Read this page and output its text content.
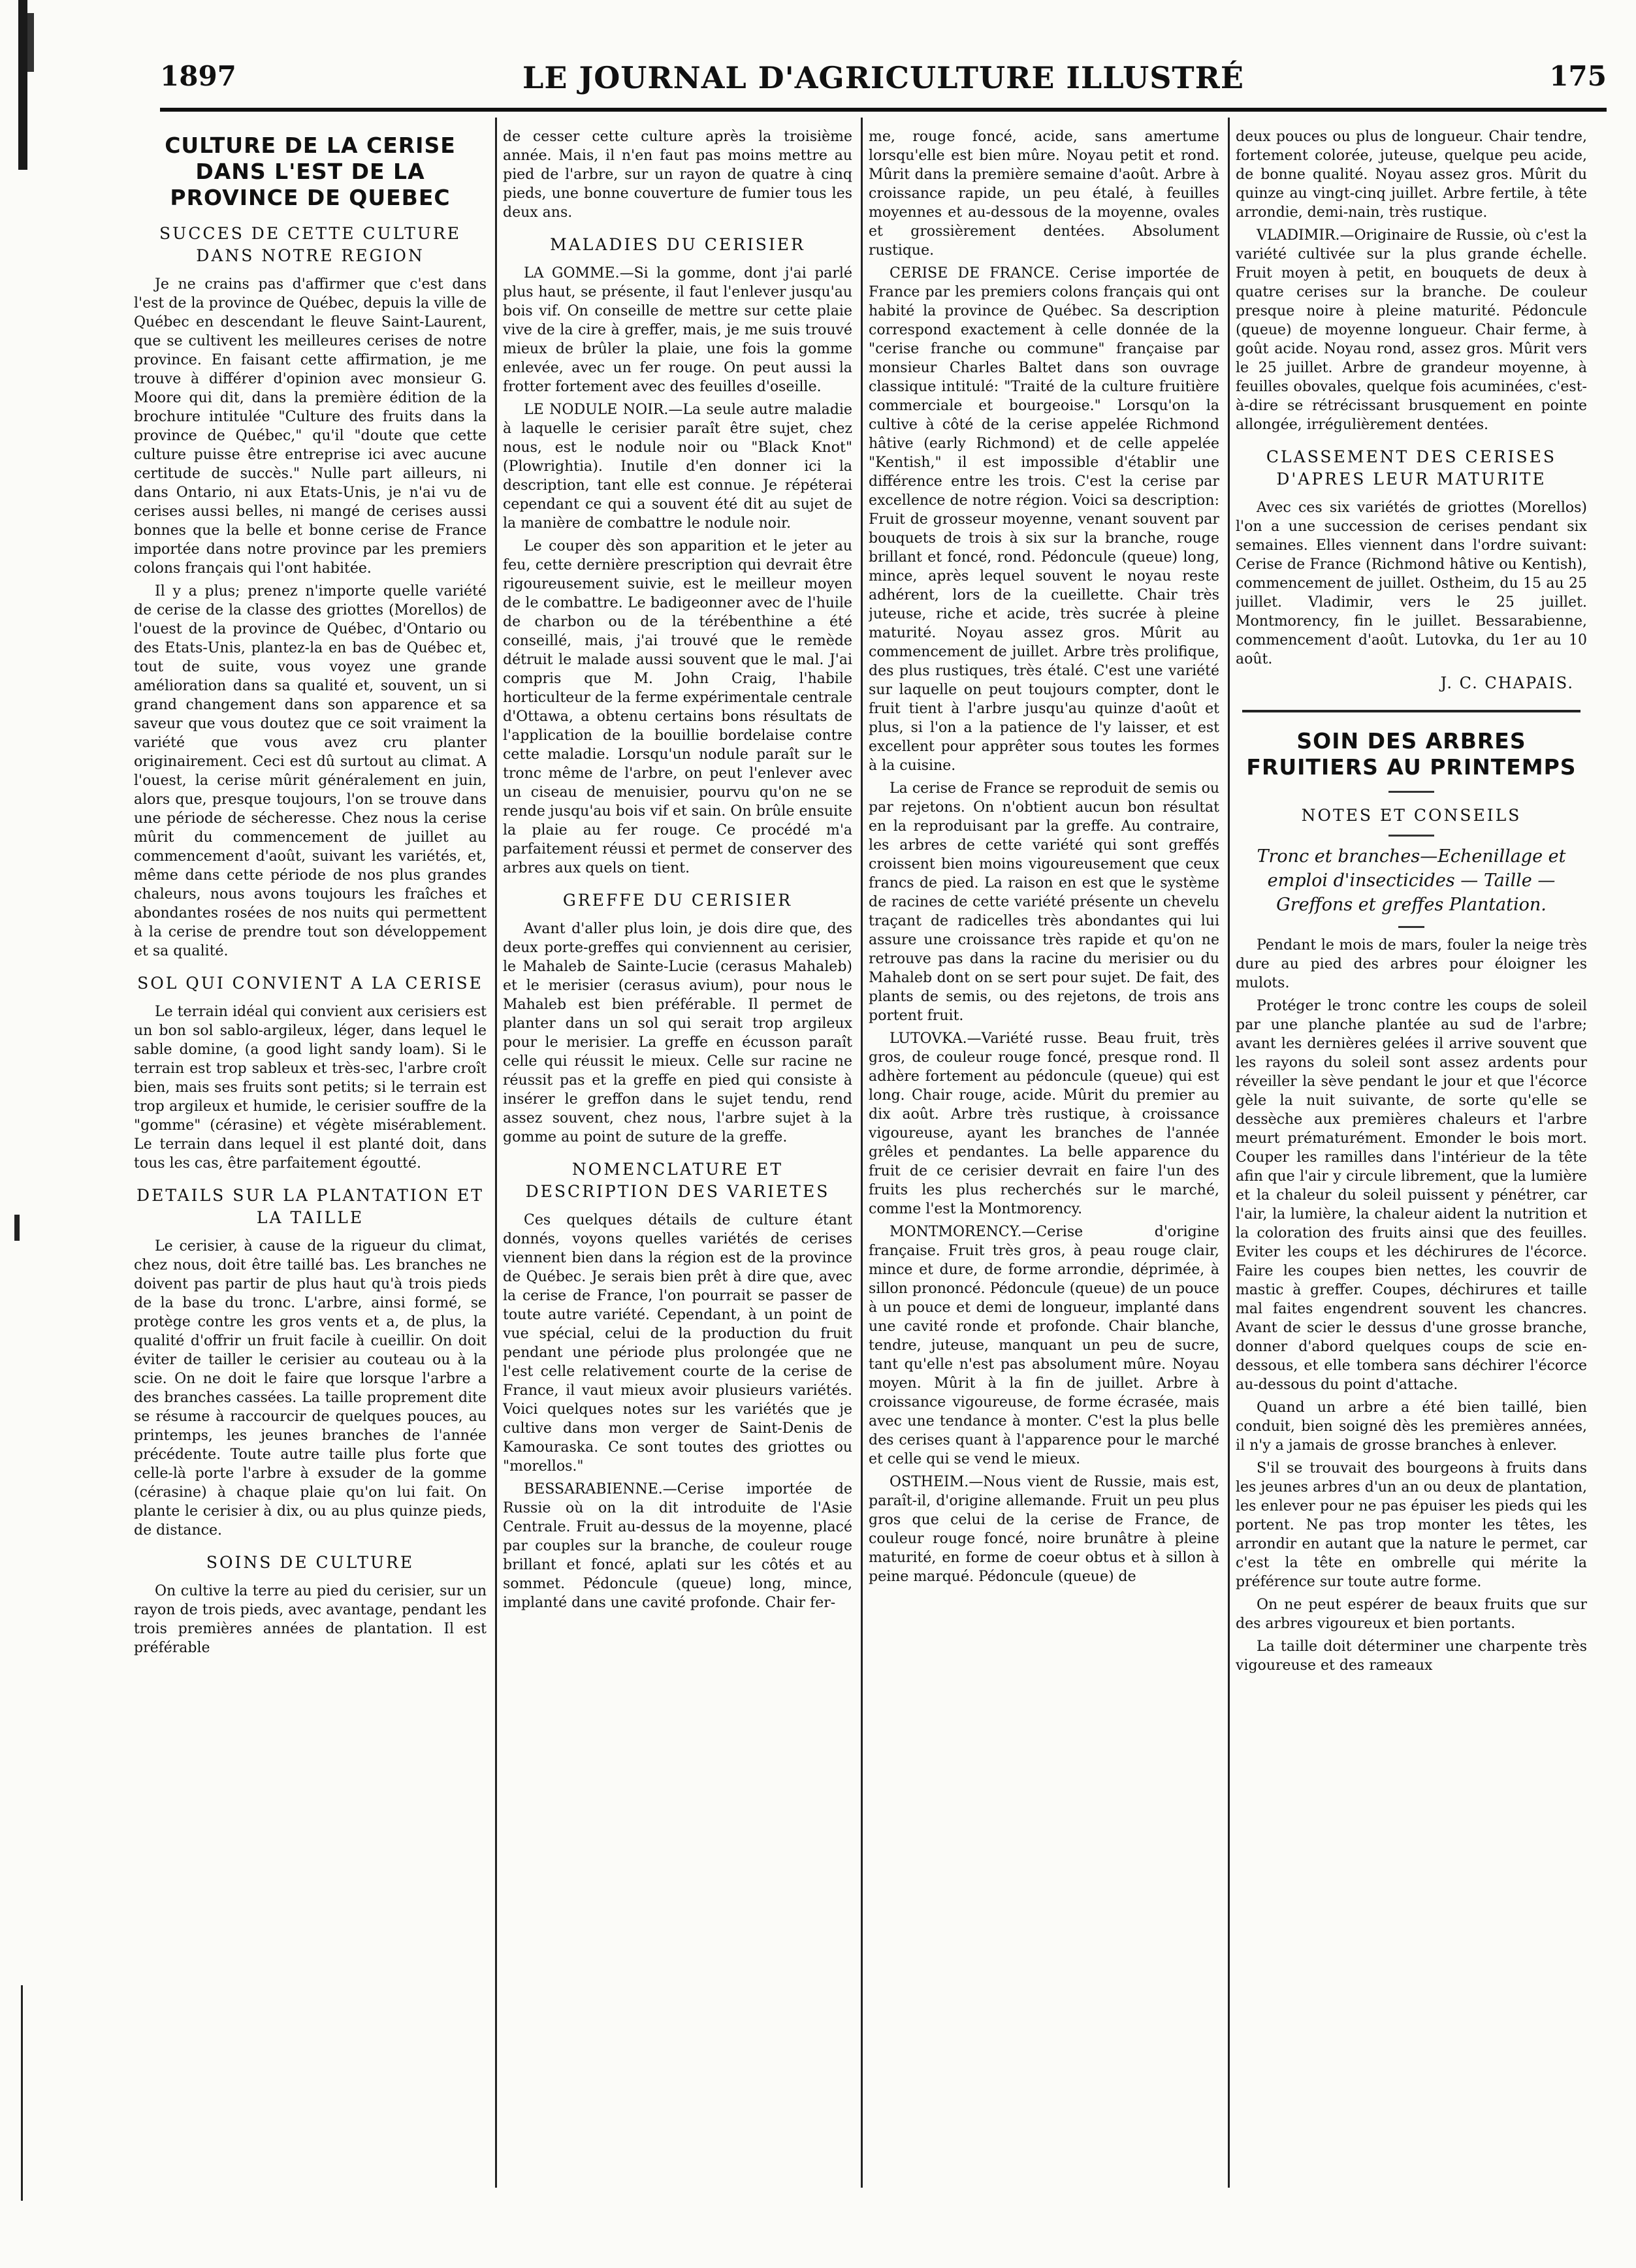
1897	LE JOURNAL D'AGRICULTURE ILLUSTRÉ	175
CULTURE DE LA CERISE DANS L'EST DE LA PROVINCE DE QUEBEC
SUCCES DE CETTE CULTURE DANS NOTRE REGION

Je ne crains pas d'affirmer que c'est dans l'est de la province de Québec, depuis la ville de Québec en descendant le fleuve Saint-Laurent, que se cultivent les meilleures cerises de notre province. En faisant cette affirmation, je me trouve à différer d'opinion avec monsieur G. Moore qui dit, dans la première édition de la brochure intitulée "Culture des fruits dans la province de Québec," qu'il "doute que cette culture puisse être entreprise ici avec aucune certitude de succès." Nulle part ailleurs, ni dans Ontario, ni aux Etats-Unis, je n'ai vu de cerises aussi belles, ni mangé de cerises aussi bonnes que la belle et bonne cerise de France importée dans notre province par les premiers colons français qui l'ont habitée.

Il y a plus; prenez n'importe quelle variété de cerise de la classe des griottes (Morellos) de l'ouest de la province de Québec, d'Ontario ou des Etats-Unis, plantez-la en bas de Québec et, tout de suite, vous voyez une grande amélioration dans sa qualité et, souvent, un si grand changement dans son apparence et sa saveur que vous doutez que ce soit vraiment la variété que vous avez cru planter originairement. Ceci est dû surtout au climat. A l'ouest, la cerise mûrit généralement en juin, alors que, presque toujours, l'on se trouve dans une période de sécheresse. Chez nous la cerise mûrit du commencement de juillet au commencement d'août, suivant les variétés, et, même dans cette période de nos plus grandes chaleurs, nous avons toujours les fraîches et abondantes rosées de nos nuits qui permettent à la cerise de prendre tout son développement et sa qualité.

SOL QUI CONVIENT A LA CERISE

Le terrain idéal qui convient aux cerisiers est un bon sol sablo-argileux, léger, dans lequel le sable domine, (a good light sandy loam). Si le terrain est trop sableux et très-sec, l'arbre croît bien, mais ses fruits sont petits; si le terrain est trop argileux et humide, le cerisier souffre de la "gomme" (cérasine) et végète misérablement. Le terrain dans lequel il est planté doit, dans tous les cas, être parfaitement égoutté.

DETAILS SUR LA PLANTATION ET LA TAILLE

Le cerisier, à cause de la rigueur du climat, chez nous, doit être taillé bas. Les branches ne doivent pas partir de plus haut qu'à trois pieds de la base du tronc. L'arbre, ainsi formé, se protège contre les gros vents et a, de plus, la qualité d'offrir un fruit facile à cueillir. On doit éviter de tailler le cerisier au couteau ou à la scie. On ne doit le faire que lorsque l'arbre a des branches cassées. La taille proprement dite se résume à raccourcir de quelques pouces, au printemps, les jeunes branches de l'année précédente. Toute autre taille plus forte que celle-là porte l'arbre à exsuder de la gomme (cérasine) à chaque plaie qu'on lui fait. On plante le cerisier à dix, ou au plus quinze pieds, de distance.

SOINS DE CULTURE

On cultive la terre au pied du cerisier, sur un rayon de trois pieds, avec avantage, pendant les trois premières années de plantation. Il est préférable

de cesser cette culture après la troisième année. Mais, il n'en faut pas moins mettre au pied de l'arbre, sur un rayon de quatre à cinq pieds, une bonne couverture de fumier tous les deux ans.

MALADIES DU CERISIER

LA GOMME.—Si la gomme, dont j'ai parlé plus haut, se présente, il faut l'enlever jusqu'au bois vif. On conseille de mettre sur cette plaie vive de la cire à greffer, mais, je me suis trouvé mieux de brûler la plaie, une fois la gomme enlevée, avec un fer rouge. On peut aussi la frotter fortement avec des feuilles d'oseille.

LE NODULE NOIR.—La seule autre maladie à laquelle le cerisier paraît être sujet, chez nous, est le nodule noir ou "Black Knot" (Plowrightia). Inutile d'en donner ici la description, tant elle est connue. Je répéterai cependant ce qui a souvent été dit au sujet de la manière de combattre le nodule noir.

Le couper dès son apparition et le jeter au feu, cette dernière prescription qui devrait être rigoureusement suivie, est le meilleur moyen de le combattre. Le badigeonner avec de l'huile de charbon ou de la térébenthine a été conseillé, mais, j'ai trouvé que le remède détruit le malade aussi souvent que le mal. J'ai compris que M. John Craig, l'habile horticulteur de la ferme expérimentale centrale d'Ottawa, a obtenu certains bons résultats de l'application de la bouillie bordelaise contre cette maladie. Lorsqu'un nodule paraît sur le tronc même de l'arbre, on peut l'enlever avec un ciseau de menuisier, pourvu qu'on ne se rende jusqu'au bois vif et sain. On brûle ensuite la plaie au fer rouge. Ce procédé m'a parfaitement réussi et permet de conserver des arbres aux quels on tient.

GREFFE DU CERISIER

Avant d'aller plus loin, je dois dire que, des deux porte-greffes qui conviennent au cerisier, le Mahaleb de Sainte-Lucie (cerasus Mahaleb) et le merisier (cerasus avium), pour nous le Mahaleb est bien préférable. Il permet de planter dans un sol qui serait trop argileux pour le merisier. La greffe en écusson paraît celle qui réussit le mieux. Celle sur racine ne réussit pas et la greffe en pied qui consiste à insérer le greffon dans le sujet tendu, rend assez souvent, chez nous, l'arbre sujet à la gomme au point de suture de la greffe.

NOMENCLATURE ET DESCRIPTION DES VARIETES

Ces quelques détails de culture étant donnés, voyons quelles variétés de cerises viennent bien dans la région est de la province de Québec. Je serais bien prêt à dire que, avec la cerise de France, l'on pourrait se passer de toute autre variété. Cependant, à un point de vue spécial, celui de la production du fruit pendant une période plus prolongée que ne l'est celle relativement courte de la cerise de France, il vaut mieux avoir plusieurs variétés. Voici quelques notes sur les variétés que je cultive dans mon verger de Saint-Denis de Kamouraska. Ce sont toutes des griottes ou "morellos."

BESSARABIENNE.—Cerise importée de Russie où on la dit introduite de l'Asie Centrale. Fruit au-dessus de la moyenne, placé par couples sur la branche, de couleur rouge brillant et foncé, aplati sur les côtés et au sommet. Pédoncule (queue) long, mince, implanté dans une cavité profonde. Chair fer-

me, rouge foncé, acide, sans amertume lorsqu'elle est bien mûre. Noyau petit et rond. Mûrit dans la première semaine d'août. Arbre à croissance rapide, un peu étalé, à feuilles moyennes et au-dessous de la moyenne, ovales et grossièrement dentées. Absolument rustique.

CERISE DE FRANCE. Cerise importée de France par les premiers colons français qui ont habité la province de Québec. Sa description correspond exactement à celle donnée de la "cerise franche ou commune" française par monsieur Charles Baltet dans son ouvrage classique intitulé: "Traité de la culture fruitière commerciale et bourgeoise." Lorsqu'on la cultive à côté de la cerise appelée Richmond hâtive (early Richmond) et de celle appelée "Kentish," il est impossible d'établir une différence entre les trois. C'est la cerise par excellence de notre région. Voici sa description: Fruit de grosseur moyenne, venant souvent par bouquets de trois à six sur la branche, rouge brillant et foncé, rond. Pédoncule (queue) long, mince, après lequel souvent le noyau reste adhérent, lors de la cueillette. Chair très juteuse, riche et acide, très sucrée à pleine maturité. Noyau assez gros. Mûrit au commencement de juillet. Arbre très prolifique, des plus rustiques, très étalé. C'est une variété sur laquelle on peut toujours compter, dont le fruit tient à l'arbre jusqu'au quinze d'août et plus, si l'on a la patience de l'y laisser, et est excellent pour apprêter sous toutes les formes à la cuisine.

La cerise de France se reproduit de semis ou par rejetons. On n'obtient aucun bon résultat en la reproduisant par la greffe. Au contraire, les arbres de cette variété qui sont greffés croissent bien moins vigoureusement que ceux francs de pied. La raison en est que le système de racines de cette variété présente un chevelu traçant de radicelles très abondantes qui lui assure une croissance très rapide et qu'on ne retrouve pas dans la racine du merisier ou du Mahaleb dont on se sert pour sujet. De fait, des plants de semis, ou des rejetons, de trois ans portent fruit.

LUTOVKA.—Variété russe. Beau fruit, très gros, de couleur rouge foncé, presque rond. Il adhère fortement au pédoncule (queue) qui est long. Chair rouge, acide. Mûrit du premier au dix août. Arbre très rustique, à croissance vigoureuse, ayant les branches de l'année grêles et pendantes. La belle apparence du fruit de ce cerisier devrait en faire l'un des fruits les plus recherchés sur le marché, comme l'est la Montmorency.

MONTMORENCY.—Cerise d'origine française. Fruit très gros, à peau rouge clair, mince et dure, de forme arrondie, déprimée, à sillon prononcé. Pédoncule (queue) de un pouce à un pouce et demi de longueur, implanté dans une cavité ronde et profonde. Chair blanche, tendre, juteuse, manquant un peu de sucre, tant qu'elle n'est pas absolument mûre. Noyau moyen. Mûrit à la fin de juillet. Arbre à croissance vigoureuse, de forme écrasée, mais avec une tendance à monter. C'est la plus belle des cerises quant à l'apparence pour le marché et celle qui se vend le mieux.

OSTHEIM.—Nous vient de Russie, mais est, paraît-il, d'origine allemande. Fruit un peu plus gros que celui de la cerise de France, de couleur rouge foncé, noire brunâtre à pleine maturité, en forme de coeur obtus et à sillon à peine marqué. Pédoncule (queue) de

deux pouces ou plus de longueur. Chair tendre, fortement colorée, juteuse, quelque peu acide, de bonne qualité. Noyau assez gros. Mûrit du quinze au vingt-cinq juillet. Arbre fertile, à tête arrondie, demi-nain, très rustique.

VLADIMIR.—Originaire de Russie, où c'est la variété cultivée sur la plus grande échelle. Fruit moyen à petit, en bouquets de deux à quatre cerises sur la branche. De couleur presque noire à pleine maturité. Pédoncule (queue) de moyenne longueur. Chair ferme, à goût acide. Noyau rond, assez gros. Mûrit vers le 25 juillet. Arbre de grandeur moyenne, à feuilles obovales, quelque fois acuminées, c'est-à-dire se rétrécissant brusquement en pointe allongée, irrégulièrement dentées.

CLASSEMENT DES CERISES D'APRES LEUR MATURITE

Avec ces six variétés de griottes (Morellos) l'on a une succession de cerises pendant six semaines. Elles viennent dans l'ordre suivant: Cerise de France (Richmond hâtive ou Kentish), commencement de juillet. Ostheim, du 15 au 25 juillet. Vladimir, vers le 25 juillet. Montmorency, fin le juillet. Bessarabienne, commencement d'août. Lutovka, du 1er au 10 août.

J. C. CHAPAIS.
SOIN DES ARBRES FRUITIERS AU PRINTEMPS
NOTES ET CONSEILS
Tronc et branches—Echenillage et emploi d'insecticides — Taille — Greffons et greffes Plantation.

Pendant le mois de mars, fouler la neige très dure au pied des arbres pour éloigner les mulots.

Protéger le tronc contre les coups de soleil par une planche plantée au sud de l'arbre; avant les dernières gelées il arrive souvent que les rayons du soleil sont assez ardents pour réveiller la sève pendant le jour et que l'écorce gèle la nuit suivante, de sorte qu'elle se dessèche aux premières chaleurs et l'arbre meurt prématurément. Emonder le bois mort. Couper les ramilles dans l'intérieur de la tête afin que l'air y circule librement, que la lumière et la chaleur du soleil puissent y pénétrer, car l'air, la lumière, la chaleur aident la nutrition et la coloration des fruits ainsi que des feuilles. Eviter les coups et les déchirures de l'écorce. Faire les coupes bien nettes, les couvrir de mastic à greffer. Coupes, déchirures et taille mal faites engendrent souvent les chancres. Avant de scier le dessus d'une grosse branche, donner d'abord quelques coups de scie en-dessous, et elle tombera sans déchirer l'écorce au-dessous du point d'attache.

Quand un arbre a été bien taillé, bien conduit, bien soigné dès les premières années, il n'y a jamais de grosse branches à enlever.

S'il se trouvait des bourgeons à fruits dans les jeunes arbres d'un an ou deux de plantation, les enlever pour ne pas épuiser les pieds qui les portent. Ne pas trop monter les têtes, les arrondir en autant que la nature le permet, car c'est la tête en ombrelle qui mérite la préférence sur toute autre forme.

On ne peut espérer de beaux fruits que sur des arbres vigoureux et bien portants.

La taille doit déterminer une charpente très vigoureuse et des rameaux
